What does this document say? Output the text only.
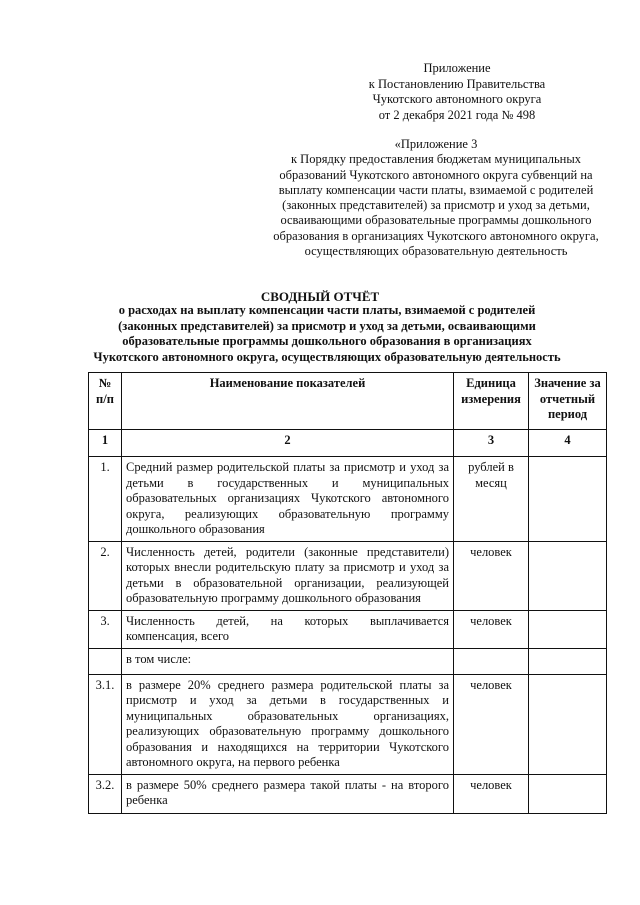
Приложение
к Постановлению Правительства
Чукотского автономного округа
от 2 декабря 2021 года № 498
«Приложение 3
к Порядку предоставления бюджетам муниципальных образований Чукотского автономного округа субвенций на выплату компенсации части платы, взимаемой с родителей (законных представителей) за присмотр и уход за детьми, осваивающими образовательные программы дошкольного образования в организациях Чукотского автономного округа, осуществляющих образовательную деятельность
СВОДНЫЙ ОТЧЁТ
о расходах на выплату компенсации части платы, взимаемой с родителей (законных представителей) за присмотр и уход за детьми, осваивающими образовательные программы дошкольного образования в организациях Чукотского автономного округа, осуществляющих образовательную деятельность
№ п/п	Наименование показателей	Единица измерения	Значение за отчетный период
1	2	3	4
1.	Средний размер родительской платы за присмотр и уход за детьми в государственных и муниципальных образовательных организациях Чукотского автономного округа, реализующих образовательную программу дошкольного образования	рублей в месяц	
2.	Численность детей, родители (законные представители) которых внесли родительскую плату за присмотр и уход за детьми в образовательной организации, реализующей образовательную программу дошкольного образования	человек	
3.	Численность детей, на которых выплачивается компенсация, всего	человек	
	в том числе:		
3.1.	в размере 20% среднего размера родительской платы за присмотр и уход за детьми в государственных и муниципальных образовательных организациях, реализующих образовательную программу дошкольного образования и находящихся на территории Чукотского автономного округа, на первого ребенка	человек	
3.2.	в размере 50% среднего размера такой платы - на второго ребенка	человек	
